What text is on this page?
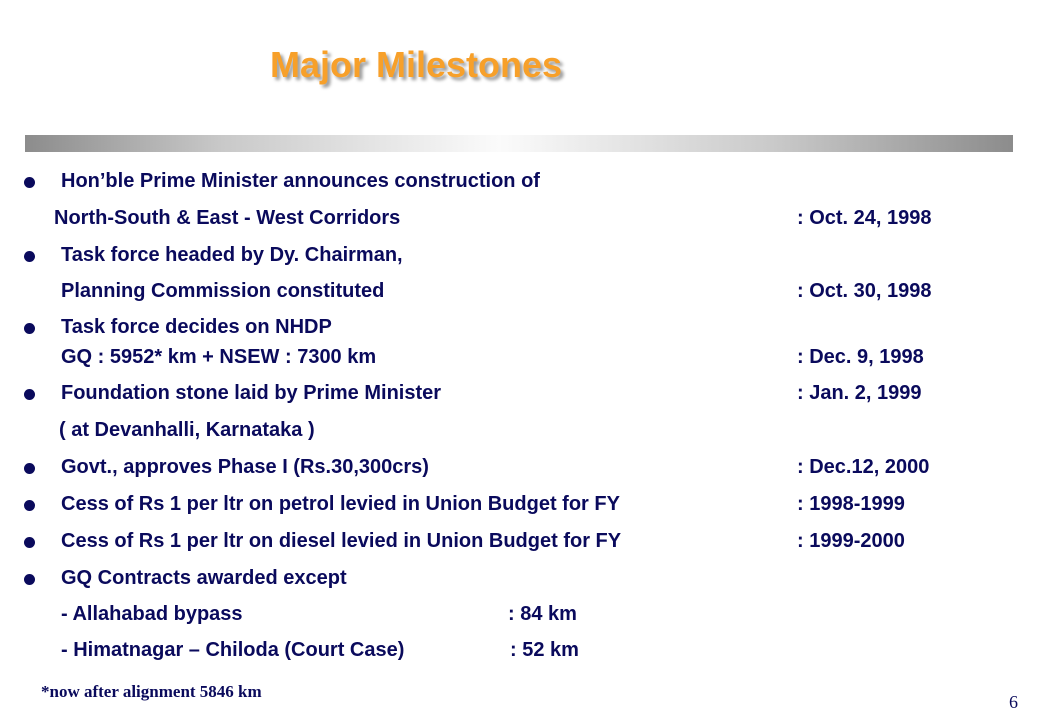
Major Milestones
Hon’ble Prime Minister announces construction of
North-South & East - West Corridors	: Oct. 24, 1998
Task force headed by Dy. Chairman,
Planning Commission constituted	: Oct. 30, 1998
Task force decides on NHDP
GQ : 5952* km + NSEW : 7300 km	: Dec. 9, 1998
Foundation stone laid by Prime Minister	: Jan. 2, 1999
( at Devanhalli, Karnataka )
Govt., approves Phase I (Rs.30,300crs)	: Dec.12, 2000
Cess of Rs 1 per ltr on petrol levied in Union Budget for FY	: 1998-1999
Cess of Rs 1 per ltr on diesel levied in Union Budget for FY	: 1999-2000
GQ Contracts awarded except
- Allahabad bypass	: 84 km
- Himatnagar – Chiloda (Court Case)	: 52 km
*now after alignment 5846 km
6
